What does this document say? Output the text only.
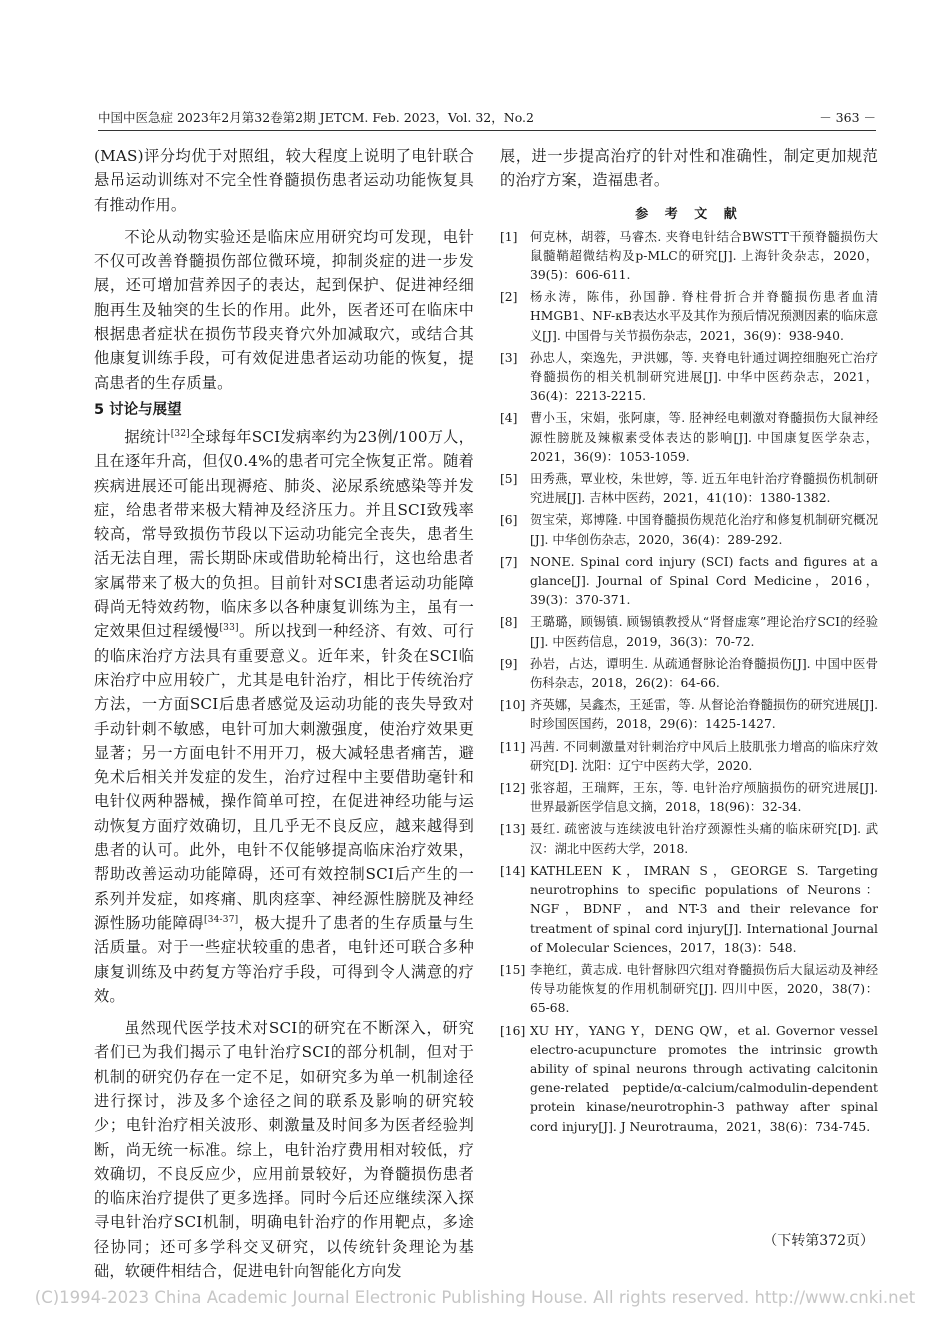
中国中医急症 2023年2月第32卷第2期 JETCM. Feb. 2023，Vol. 32，No.2	－ 363 －

(MAS)评分均优于对照组，较大程度上说明了电针联合悬吊运动训练对不完全性脊髓损伤患者运动功能恢复具有推动作用。

不论从动物实验还是临床应用研究均可发现，电针不仅可改善脊髓损伤部位微环境，抑制炎症的进一步发展，还可增加营养因子的表达，起到保护、促进神经细胞再生及轴突的生长的作用。此外，医者还可在临床中根据患者症状在损伤节段夹脊穴外加减取穴，或结合其他康复训练手段，可有效促进患者运动功能的恢复，提高患者的生存质量。

5 讨论与展望

据统计[32]全球每年SCI发病率约为23例/100万人，且在逐年升高，但仅0.4%的患者可完全恢复正常。随着疾病进展还可能出现褥疮、肺炎、泌尿系统感染等并发症，给患者带来极大精神及经济压力。并且SCI致残率较高，常导致损伤节段以下运动功能完全丧失，患者生活无法自理，需长期卧床或借助轮椅出行，这也给患者家属带来了极大的负担。目前针对SCI患者运动功能障碍尚无特效药物，临床多以各种康复训练为主，虽有一定效果但过程缓慢[33]。所以找到一种经济、有效、可行的临床治疗方法具有重要意义。近年来，针灸在SCI临床治疗中应用较广，尤其是电针治疗，相比于传统治疗方法，一方面SCI后患者感觉及运动功能的丧失导致对手动针刺不敏感，电针可加大刺激强度，使治疗效果更显著；另一方面电针不用开刀，极大减轻患者痛苦，避免术后相关并发症的发生，治疗过程中主要借助毫针和电针仪两种器械，操作简单可控，在促进神经功能与运动恢复方面疗效确切，且几乎无不良反应，越来越得到患者的认可。此外，电针不仅能够提高临床治疗效果，帮助改善运动功能障碍，还可有效控制SCI后产生的一系列并发症，如疼痛、肌肉痉挛、神经源性膀胱及神经源性肠功能障碍[34-37]，极大提升了患者的生存质量与生活质量。对于一些症状较重的患者，电针还可联合多种康复训练及中药复方等治疗手段，可得到令人满意的疗效。

虽然现代医学技术对SCI的研究在不断深入，研究者们已为我们揭示了电针治疗SCI的部分机制，但对于机制的研究仍存在一定不足，如研究多为单一机制途径进行探讨，涉及多个途径之间的联系及影响的研究较少；电针治疗相关波形、刺激量及时间多为医者经验判断，尚无统一标准。综上，电针治疗费用相对较低，疗效确切，不良反应少，应用前景较好，为脊髓损伤患者的临床治疗提供了更多选择。同时今后还应继续深入探寻电针治疗SCI机制，明确电针治疗的作用靶点，多途径协同；还可多学科交叉研究，以传统针灸理论为基础，软硬件相结合，促进电针向智能化方向发

展，进一步提高治疗的针对性和准确性，制定更加规范的治疗方案，造福患者。

参 考 文 献
[1]	何克林，胡蓉，马睿杰. 夹脊电针结合BWSTT干预脊髓损伤大鼠髓鞘超微结构及p-MLC的研究[J]. 上海针灸杂志，2020，39(5)：606-611.
[2]	杨永涛，陈伟，孙国静. 脊柱骨折合并脊髓损伤患者血清HMGB1、NF-κB表达水平及其作为预后情况预测因素的临床意义[J]. 中国骨与关节损伤杂志，2021，36(9)：938-940.
[3]	孙忠人，栾逸先，尹洪娜，等. 夹脊电针通过调控细胞死亡治疗脊髓损伤的相关机制研究进展[J]. 中华中医药杂志，2021，36(4)：2213-2215.
[4]	曹小玉，宋娟，张阿康，等. 胫神经电刺激对脊髓损伤大鼠神经源性膀胱及辣椒素受体表达的影响[J]. 中国康复医学杂志，2021，36(9)：1053-1059.
[5]	田秀燕，覃业校，朱世婷，等. 近五年电针治疗脊髓损伤机制研究进展[J]. 吉林中医药，2021，41(10)：1380-1382.
[6]	贺宝荣，郑博隆. 中国脊髓损伤规范化治疗和修复机制研究概况[J]. 中华创伤杂志，2020，36(4)：289-292.
[7]	NONE. Spinal cord injury (SCI) facts and figures at a glance[J]. Journal of Spinal Cord Medicine，2016，39(3)：370-371.
[8]	王璐璐，顾锡镇. 顾锡镇教授从“肾督虚寒”理论治疗SCI的经验[J]. 中医药信息，2019，36(3)：70-72.
[9]	孙岩，占达，谭明生. 从疏通督脉论治脊髓损伤[J]. 中国中医骨伤科杂志，2018，26(2)：64-66.
[10] 齐英娜，吴鑫杰，王延雷，等. 从督论治脊髓损伤的研究进展[J]. 时珍国医国药，2018，29(6)：1425-1427.
[11] 冯茜. 不同刺激量对针刺治疗中风后上肢肌张力增高的临床疗效研究[D]. 沈阳：辽宁中医药大学，2020.
[12] 张容超，王瑞辉，王东，等. 电针治疗颅脑损伤的研究进展[J]. 世界最新医学信息文摘，2018，18(96)：32-34.
[13] 聂红. 疏密波与连续波电针治疗颈源性头痛的临床研究[D]. 武汉：湖北中医药大学，2018.
[14] KATHLEEN K，IMRAN S，GEORGE S. Targeting neurotrophins to specific populations of Neurons：NGF，BDNF，and NT-3 and their relevance for treatment of spinal cord injury[J]. International Journal of Molecular Sciences，2017，18(3)：548.
[15] 李艳红，黄志成. 电针督脉四穴组对脊髓损伤后大鼠运动及神经传导功能恢复的作用机制研究[J]. 四川中医，2020，38(7)：65-68.
[16] XU HY，YANG Y，DENG QW，et al. Governor vessel electro-acupuncture promotes the intrinsic growth ability of spinal neurons through activating calcitonin gene-related peptide/α-calcium/calmodulin-dependent protein kinase/neurotrophin-3 pathway after spinal cord injury[J]. J Neurotrauma，2021，38(6)：734-745.
（下转第372页）
(C)1994-2023 China Academic Journal Electronic Publishing House. All rights reserved. http://www.cnki.net
